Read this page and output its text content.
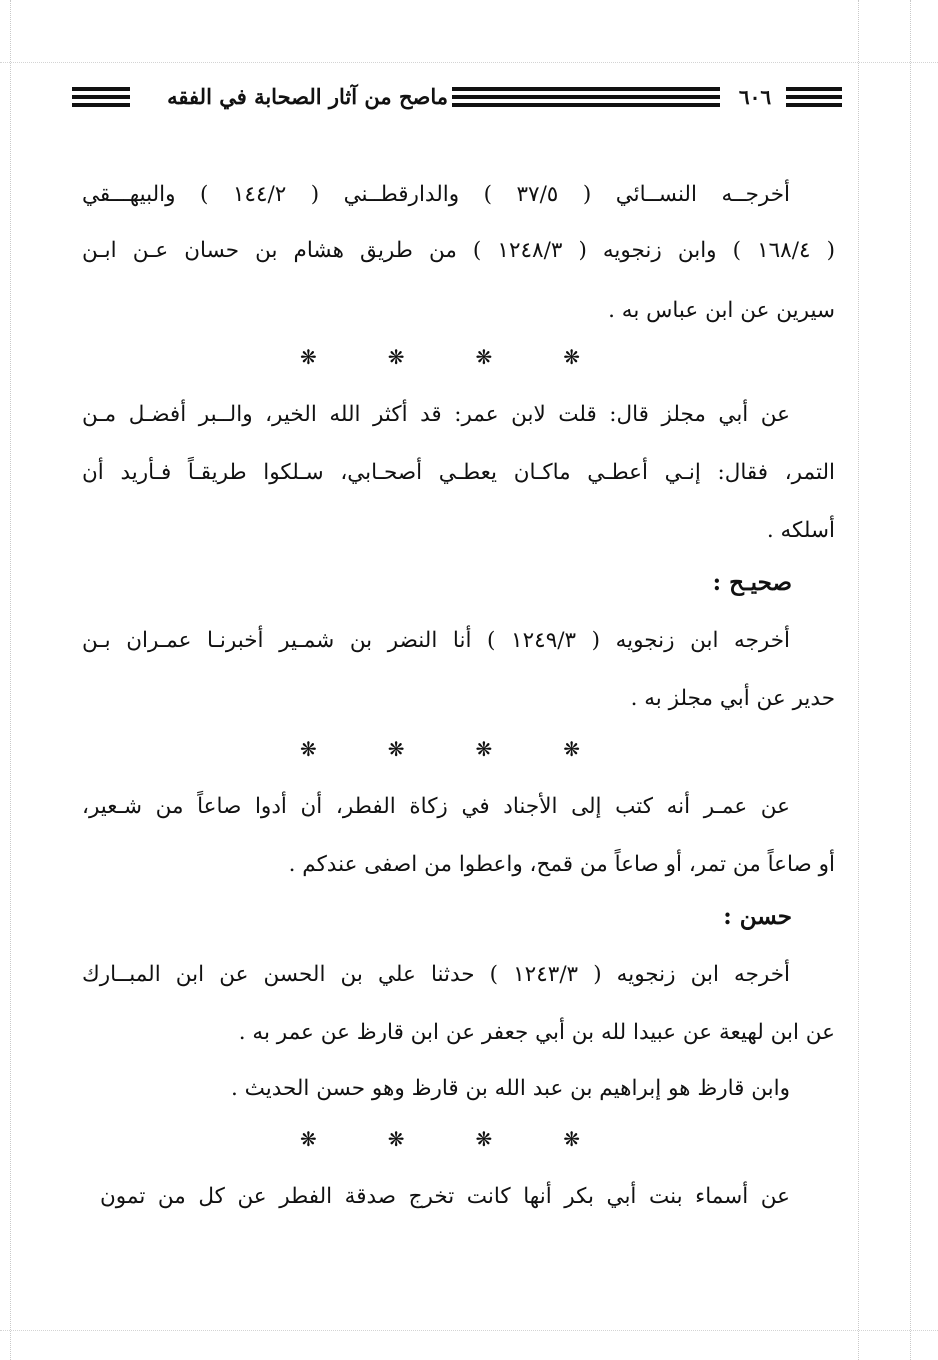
ماصح من آثار الصحابة في الفقه	٦٠٦
أخرجــه النســائي ( ٣٧/٥ ) والدارقطــني ( ١٤٤/٢ ) والبيهـــقي
( ١٦٨/٤ ) وابن زنجويه ( ١٢٤٨/٣ ) من طريق هشام بن حسان عـن ابـن
سيرين عن ابن عباس به .
❋	❋	❋	❋
عن أبي مجلز قال: قلت لابن عمر: قد أكثر الله الخير، والــبر أفضـل مـن
التمر، فقال: إنـي أعطـي ماكـان يعطـي أصحـابي، سـلكوا طريقـاً فـأريد أن
أسلكه .
صحيـح :
أخرجه ابن زنجويه ( ١٢٤٩/٣ ) أنا النضر بن شمـير أخبرنـا عمـران بـن
حدير عن أبي مجلز به .
❋	❋	❋	❋
عن عمـر أنه كتب إلى الأجناد في زكاة الفطر، أن أدوا صاعاً من شـعير،
أو صاعاً من تمر، أو صاعاً من قمح، واعطوا من اصفى عندكم .
حسن :
أخرجه ابن زنجويه ( ١٢٤٣/٣ ) حدثنا علي بن الحسن عن ابن المبــارك
عن ابن لهيعة عن عبيدا لله بن أبي جعفر عن ابن قارظ عن عمر به .
وابن قارظ هو إبراهيم بن عبد الله بن قارظ وهو حسن الحديث .
❋	❋	❋	❋
عن أسماء بنت أبي بكر أنها كانت تخرج صدقة الفطر عن كل من تمون
